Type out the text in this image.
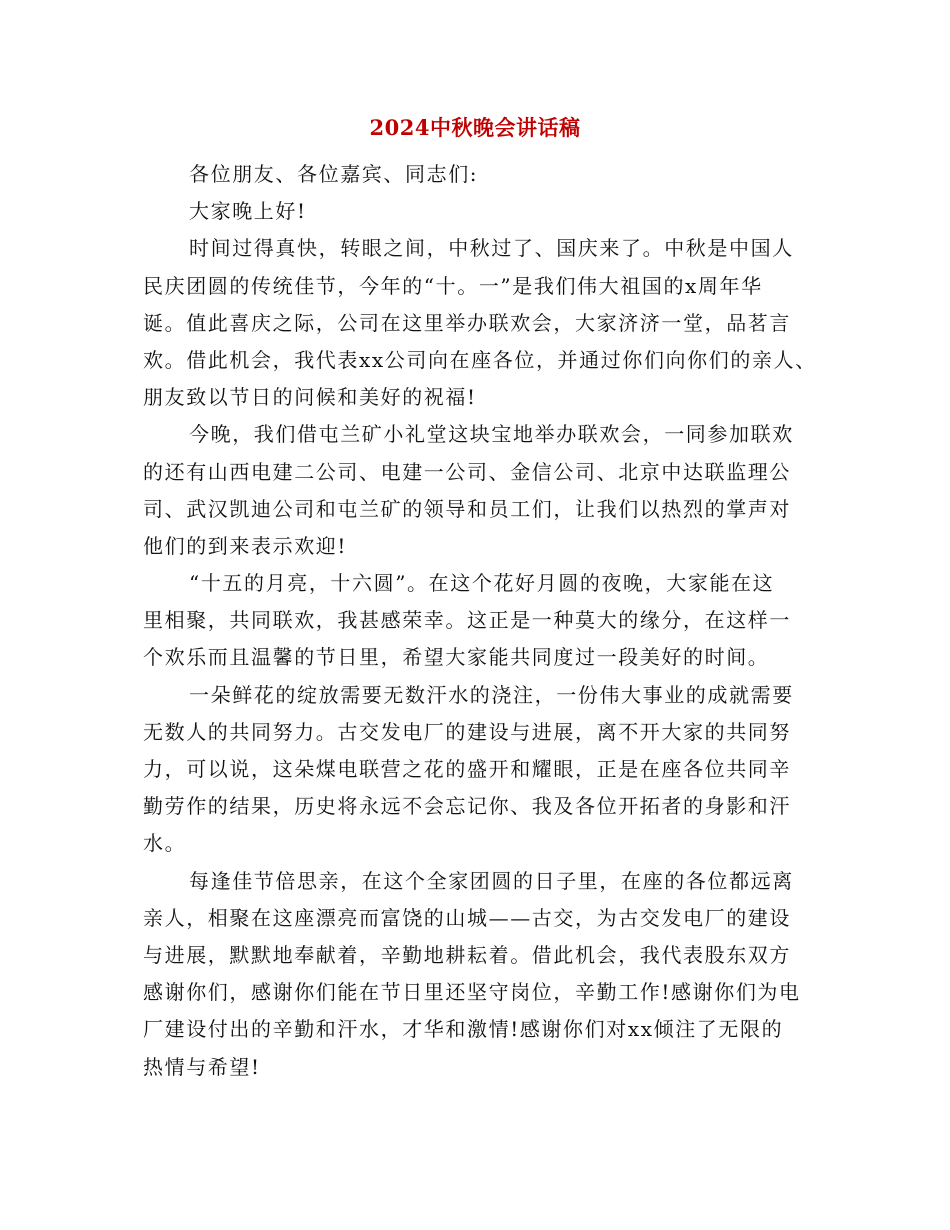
2024中秋晚会讲话稿
各位朋友、各位嘉宾、同志们:
大家晚上好!
时间过得真快，转眼之间，中秋过了、国庆来了。中秋是中国人
民庆团圆的传统佳节，今年的“十。一”是我们伟大祖国的x周年华
诞。值此喜庆之际，公司在这里举办联欢会，大家济济一堂，品茗言
欢。借此机会，我代表xx公司向在座各位，并通过你们向你们的亲人、
朋友致以节日的问候和美好的祝福!
今晚，我们借屯兰矿小礼堂这块宝地举办联欢会，一同参加联欢
的还有山西电建二公司、电建一公司、金信公司、北京中达联监理公
司、武汉凯迪公司和屯兰矿的领导和员工们，让我们以热烈的掌声对
他们的到来表示欢迎!
“十五的月亮，十六圆”。在这个花好月圆的夜晚，大家能在这
里相聚，共同联欢，我甚感荣幸。这正是一种莫大的缘分，在这样一
个欢乐而且温馨的节日里，希望大家能共同度过一段美好的时间。
一朵鲜花的绽放需要无数汗水的浇注，一份伟大事业的成就需要
无数人的共同努力。古交发电厂的建设与进展，离不开大家的共同努
力，可以说，这朵煤电联营之花的盛开和耀眼，正是在座各位共同辛
勤劳作的结果，历史将永远不会忘记你、我及各位开拓者的身影和汗
水。
每逢佳节倍思亲，在这个全家团圆的日子里，在座的各位都远离
亲人，相聚在这座漂亮而富饶的山城——古交，为古交发电厂的建设
与进展，默默地奉献着，辛勤地耕耘着。借此机会，我代表股东双方
感谢你们，感谢你们能在节日里还坚守岗位，辛勤工作!感谢你们为电
厂建设付出的辛勤和汗水，才华和激情!感谢你们对xx倾注了无限的
热情与希望!
